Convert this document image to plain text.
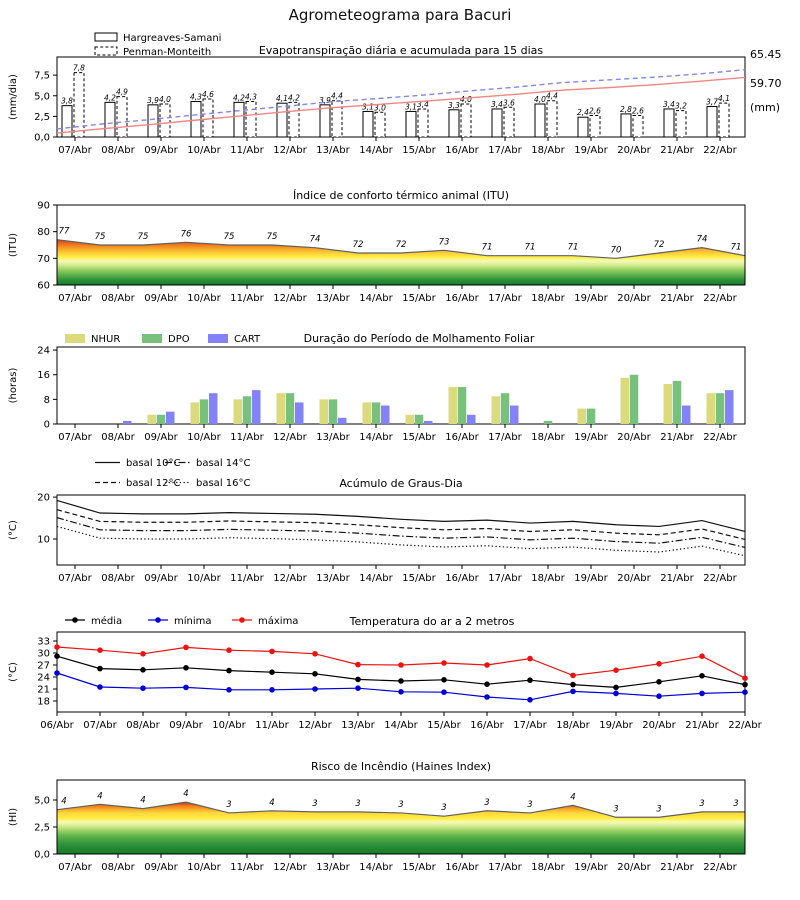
Agrometeograma para Bacuri
0,0
2,5
5,0
7,5
07/Abr 08/Abr 09/Abr 10/Abr 11/Abr 12/Abr 13/Abr 14/Abr 15/Abr 16/Abr 17/Abr 18/Abr 19/Abr 20/Abr 21/Abr 22/Abr
(mm/dia)
Evapotranspiração diária e acumulada para 15 dias
3,8
7,8
4,2
4,9
3,9 4,0	4,3 4,6	4,2 4,3	4,1 4,2	3,9 4,4
3,1 3,0	3,1 3,4	3,3
4,0
3,4 3,6	4,0 4,4
2,4 2,6	2,8 2,6
3,4 3,2	3,7 4,1
65.45
59.70
(mm)
Hargreaves-Samani
Penman-Monteith
60
70
80
90
07/Abr 08/Abr 09/Abr 10/Abr 11/Abr 12/Abr 13/Abr 14/Abr 15/Abr 16/Abr 17/Abr 18/Abr 19/Abr 20/Abr 21/Abr 22/Abr
(ITU)
Índice de conforto térmico animal (ITU)
77
75	75	76	75	75	74
72	72	73
71	71	71	70
72
74
71
0
8
16
24
07/Abr 08/Abr 09/Abr 10/Abr 11/Abr 12/Abr 13/Abr 14/Abr 15/Abr 16/Abr 17/Abr 18/Abr 19/Abr 20/Abr 21/Abr 22/Abr
(horas)
Duração do Período de Molhamento Foliar
NHUR	DPO	CART
10
20
07/Abr 08/Abr 09/Abr 10/Abr 11/Abr 12/Abr 13/Abr 14/Abr 15/Abr 16/Abr 17/Abr 18/Abr 19/Abr 20/Abr 21/Abr 22/Abr
(°C)
Acúmulo de Graus-Dia
basal 10°C
basal 12°C
basal 14°C
basal 16°C
18
21
24
27
30
33
06/Abr 07/Abr 08/Abr 09/Abr 10/Abr 11/Abr 12/Abr 13/Abr 14/Abr 15/Abr 16/Abr 17/Abr 18/Abr 19/Abr 20/Abr 21/Abr 22/Abr
(°C)
Temperatura do ar a 2 metros
média	mínima	máxima
0,0
2,5
5,0
07/Abr 08/Abr 09/Abr 10/Abr 11/Abr 12/Abr 13/Abr 14/Abr 15/Abr 16/Abr 17/Abr 18/Abr 19/Abr 20/Abr 21/Abr 22/Abr
(HI)
Risco de Incêndio (Haines Index)
4
4	4
4
3	4	3	3	3	3
3	3
4
3	3
3	3
